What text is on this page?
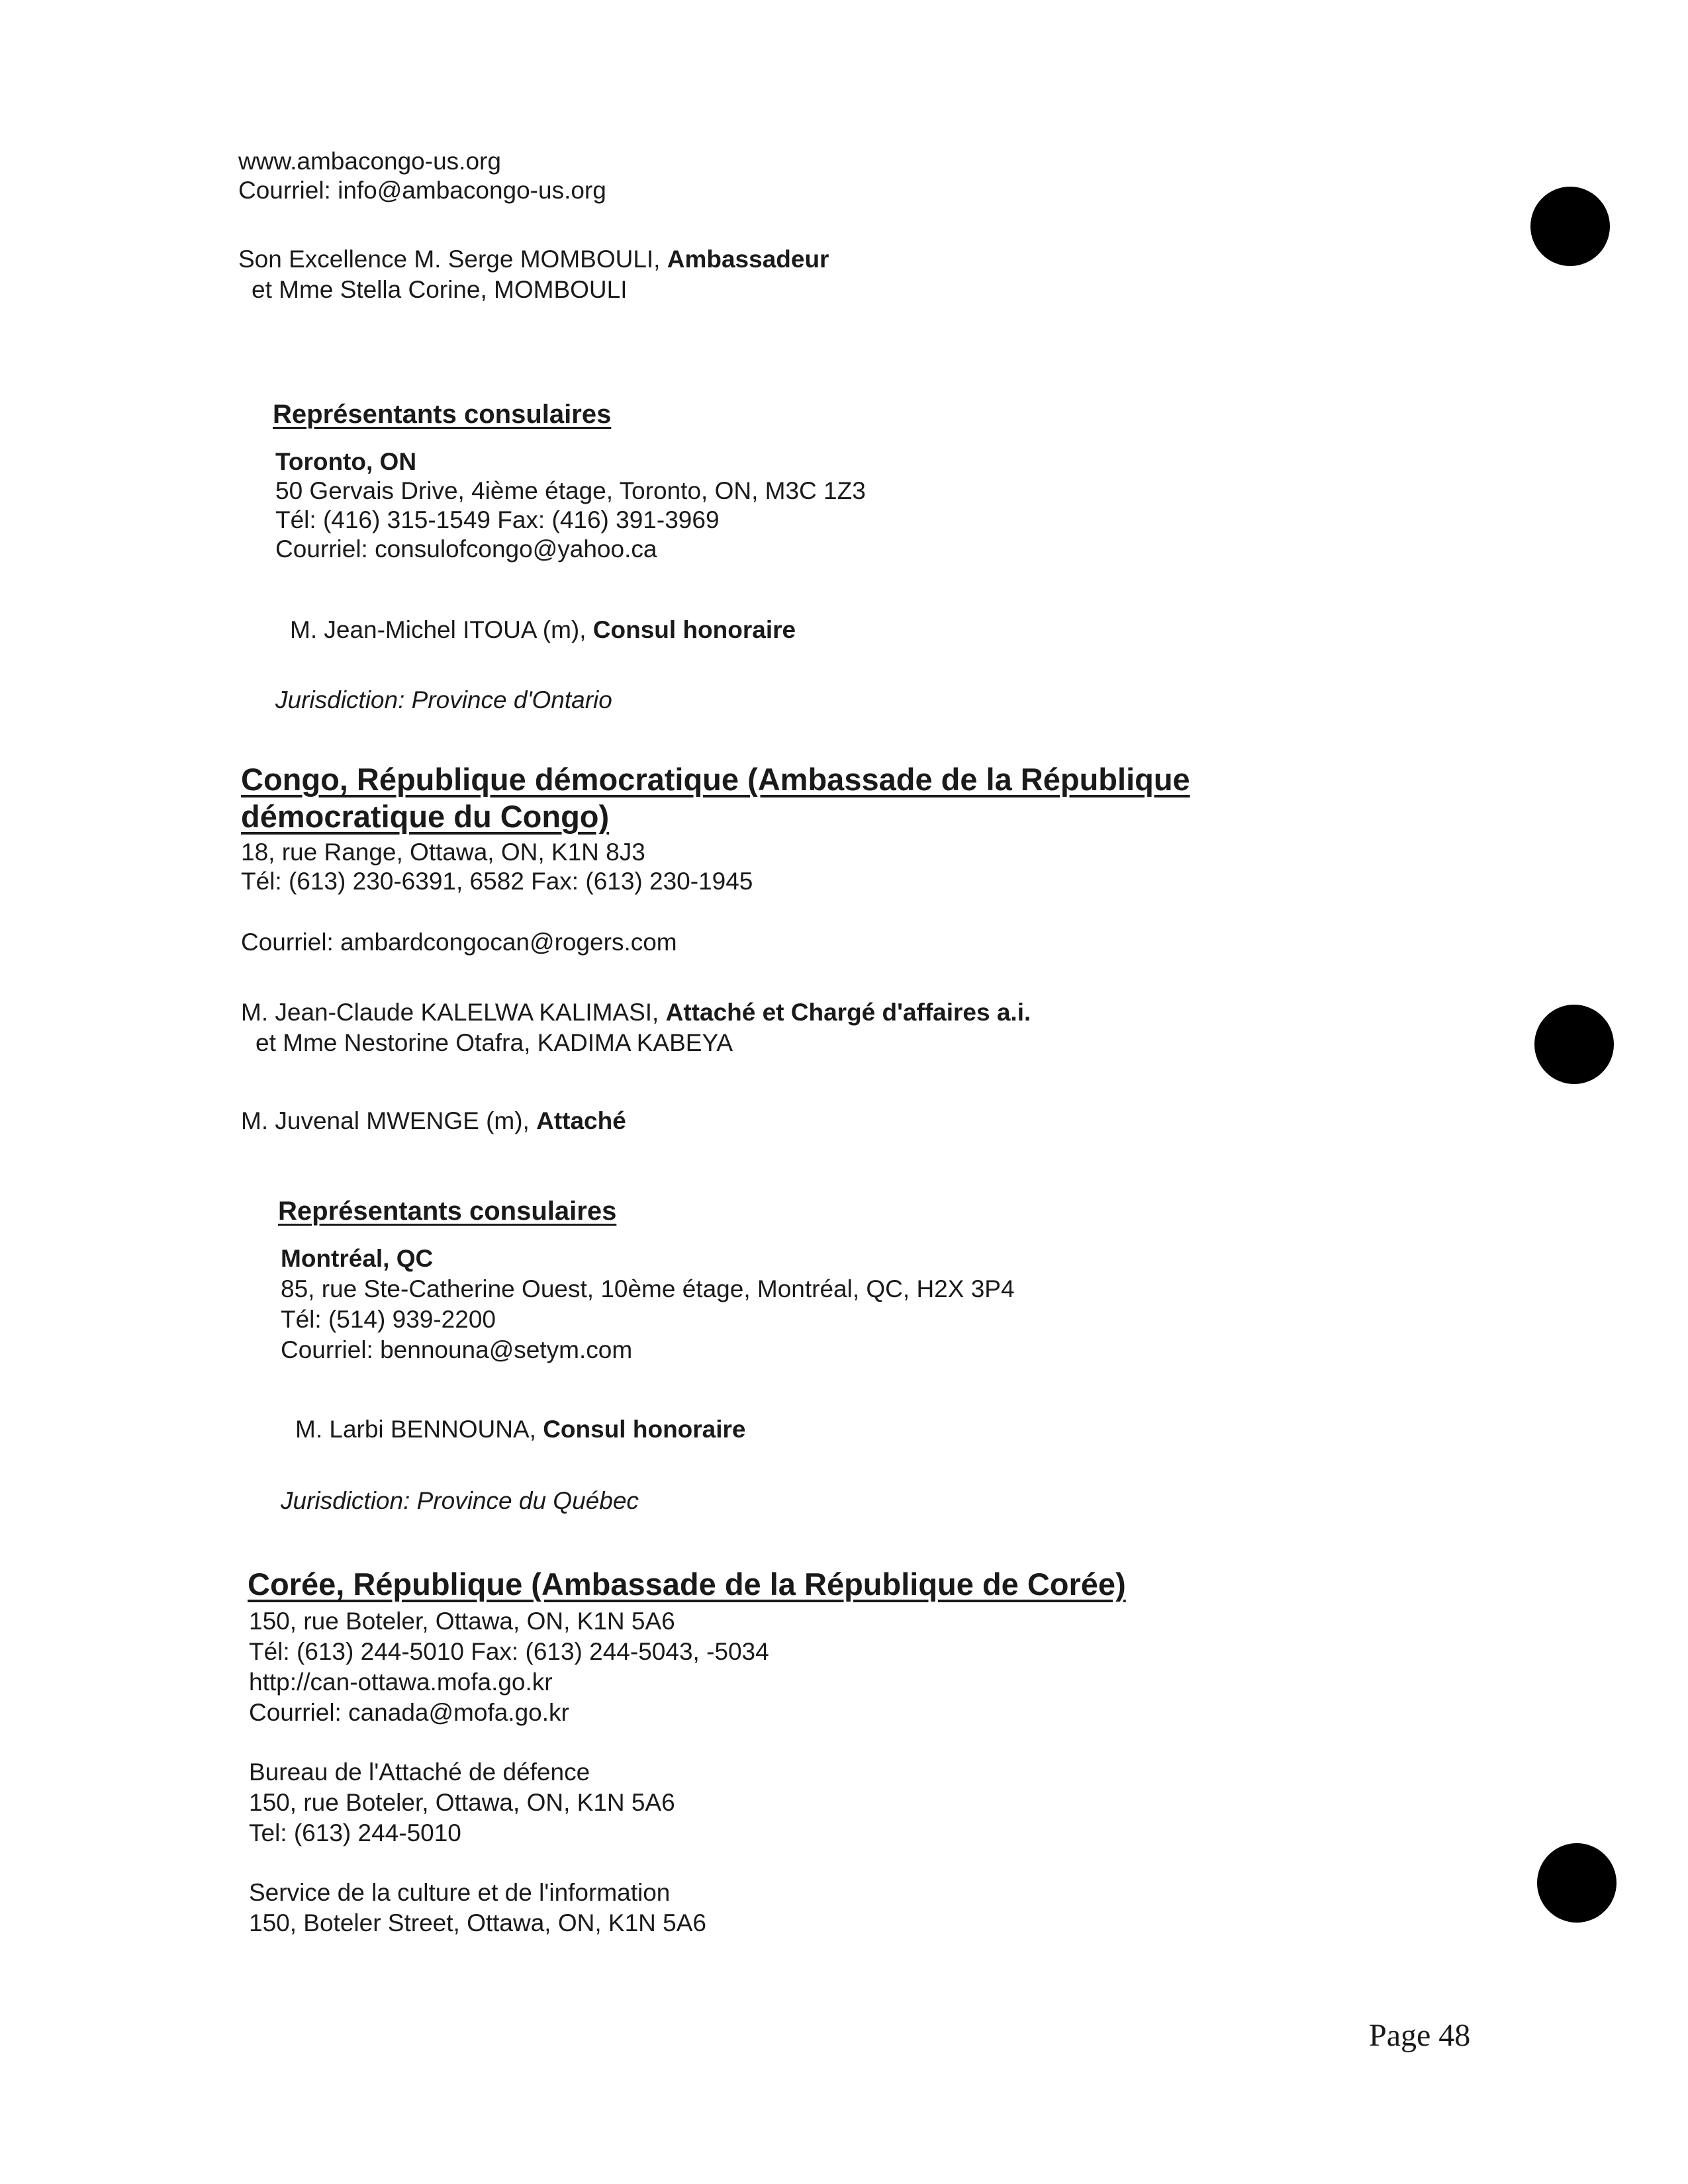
www.ambacongo-us.org
Courriel: info@ambacongo-us.org
Son Excellence M. Serge MOMBOULI, Ambassadeur
et Mme Stella Corine, MOMBOULI
Représentants consulaires
Toronto, ON
50 Gervais Drive, 4ième étage, Toronto, ON, M3C 1Z3
Tél: (416) 315-1549 Fax: (416) 391-3969
Courriel: consulofcongo@yahoo.ca
M. Jean-Michel ITOUA (m), Consul honoraire
Jurisdiction: Province d'Ontario
Congo, République démocratique (Ambassade de la République
démocratique du Congo)
18, rue Range, Ottawa, ON, K1N 8J3
Tél: (613) 230-6391, 6582 Fax: (613) 230-1945
Courriel: ambardcongocan@rogers.com
M. Jean-Claude KALELWA KALIMASI, Attaché et Chargé d'affaires a.i.
et Mme Nestorine Otafra, KADIMA KABEYA
M. Juvenal MWENGE (m), Attaché
Représentants consulaires
Montréal, QC
85, rue Ste-Catherine Ouest, 10ème étage, Montréal, QC, H2X 3P4
Tél: (514) 939-2200
Courriel: bennouna@setym.com
M. Larbi BENNOUNA, Consul honoraire
Jurisdiction: Province du Québec
Corée, République (Ambassade de la République de Corée)
150, rue Boteler, Ottawa, ON, K1N 5A6
Tél: (613) 244-5010 Fax: (613) 244-5043, -5034
http://can-ottawa.mofa.go.kr
Courriel: canada@mofa.go.kr
Bureau de l'Attaché de défence
150, rue Boteler, Ottawa, ON, K1N 5A6
Tel: (613) 244-5010
Service de la culture et de l'information
150, Boteler Street, Ottawa, ON, K1N 5A6
Page 48
